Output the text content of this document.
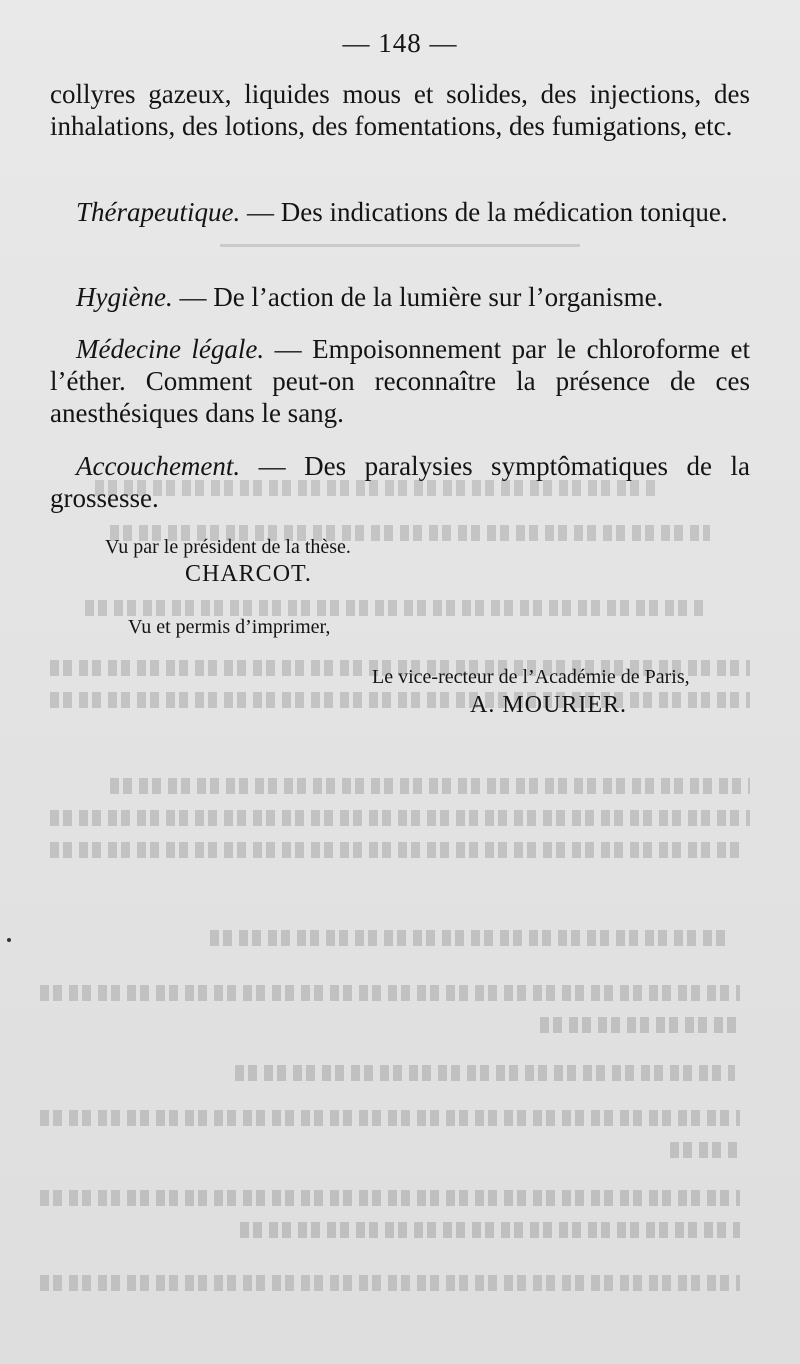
— 148 —

collyres gazeux, liquides mous et solides, des injections, des inhalations, des lotions, des fomentations, des fumigations, etc.

Thérapeutique. — Des indications de la médication tonique.

Hygiène. — De l’action de la lumière sur l’organisme.

Médecine légale. — Empoisonnement par le chloroforme et l’éther. Comment peut-on reconnaître la présence de ces anesthésiques dans le sang.

Accouchement. — Des paralysies symptômatiques de la grossesse.

Vu par le président de la thèse.
CHARCOT.
Vu et permis d’imprimer,
Le vice-recteur de l’Académie de Paris,
A. MOURIER.
